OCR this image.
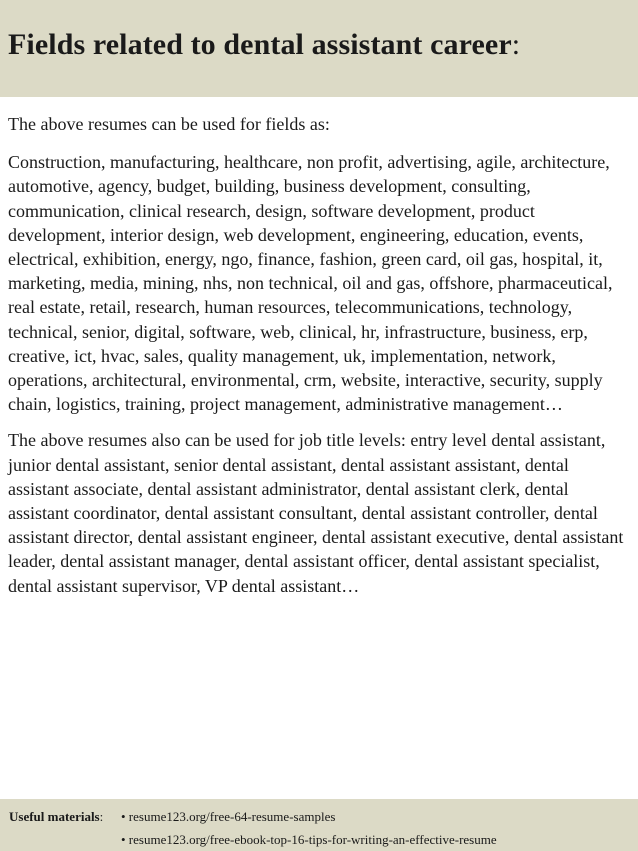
Fields related to dental assistant career:

The above resumes can be used for fields as:

Construction, manufacturing, healthcare, non profit, advertising, agile, architecture, automotive, agency, budget, building, business development, consulting, communication, clinical research, design, software development, product development, interior design, web development, engineering, education, events, electrical, exhibition, energy, ngo, finance, fashion, green card, oil gas, hospital, it, marketing, media, mining, nhs, non technical, oil and gas, offshore, pharmaceutical, real estate, retail, research, human resources, telecommunications, technology, technical, senior, digital, software, web, clinical, hr, infrastructure, business, erp, creative, ict, hvac, sales, quality management, uk, implementation, network, operations, architectural, environmental, crm, website, interactive, security, supply chain, logistics, training, project management, administrative management…

The above resumes also can be used for job title levels: entry level dental assistant, junior dental assistant, senior dental assistant, dental assistant assistant, dental assistant associate, dental assistant administrator, dental assistant clerk, dental assistant coordinator, dental assistant consultant, dental assistant controller, dental assistant director, dental assistant engineer, dental assistant executive, dental assistant leader, dental assistant manager, dental assistant officer, dental assistant specialist, dental assistant supervisor, VP dental assistant…

Useful materials: • resume123.org/free-64-resume-samples
• resume123.org/free-ebook-top-16-tips-for-writing-an-effective-resume
